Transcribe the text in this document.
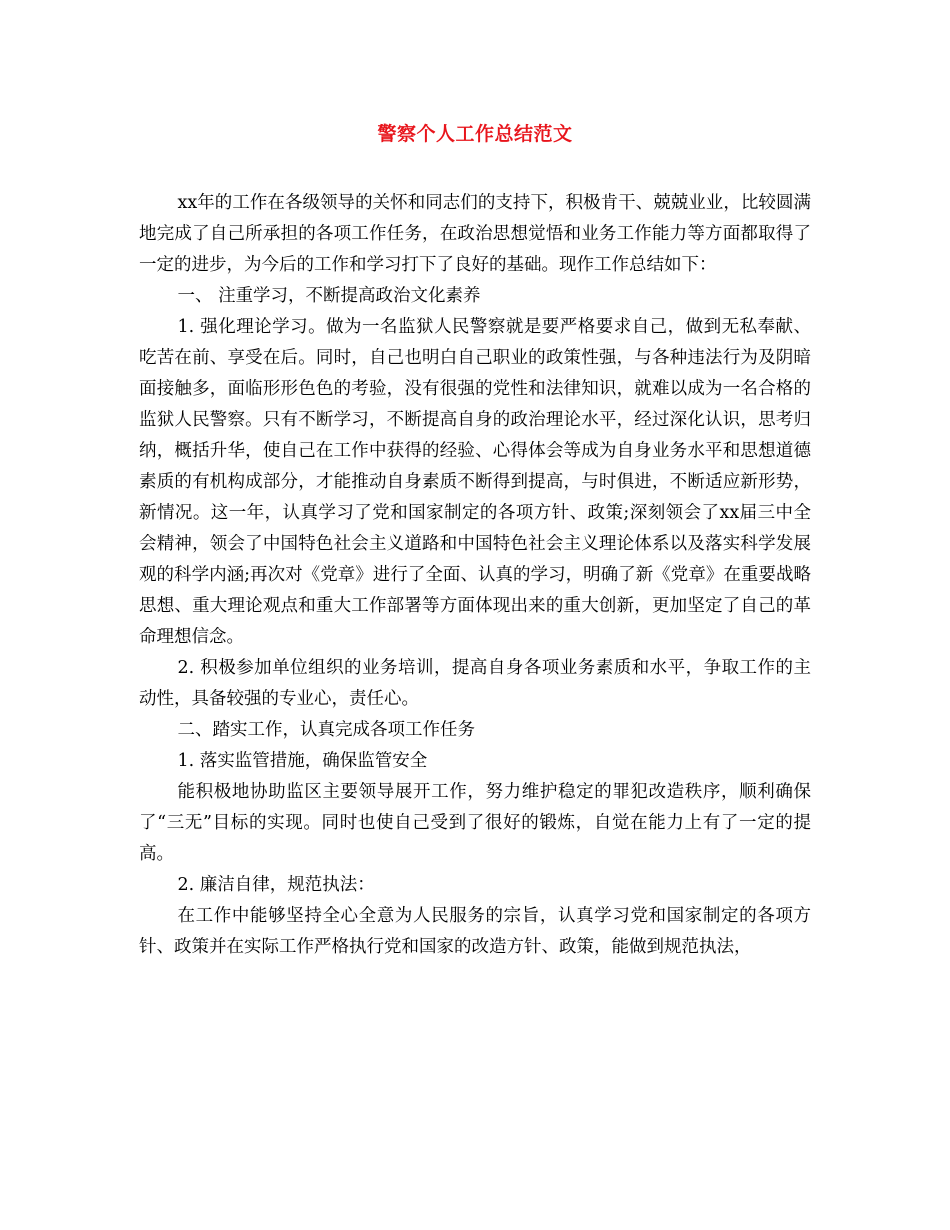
警察个人工作总结范文

xx年的工作在各级领导的关怀和同志们的支持下，积极肯干、兢兢业业，比较圆满地完成了自己所承担的各项工作任务，在政治思想觉悟和业务工作能力等方面都取得了一定的进步，为今后的工作和学习打下了良好的基础。现作工作总结如下：

一、 注重学习，不断提高政治文化素养

1. 强化理论学习。做为一名监狱人民警察就是要严格要求自己，做到无私奉献、吃苦在前、享受在后。同时，自己也明白自己职业的政策性强，与各种违法行为及阴暗面接触多，面临形形色色的考验，没有很强的党性和法律知识，就难以成为一名合格的监狱人民警察。只有不断学习，不断提高自身的政治理论水平，经过深化认识，思考归纳，概括升华，使自己在工作中获得的经验、心得体会等成为自身业务水平和思想道德素质的有机构成部分，才能推动自身素质不断得到提高，与时俱进，不断适应新形势，新情况。这一年，认真学习了党和国家制定的各项方针、政策;深刻领会了xx届三中全会精神，领会了中国特色社会主义道路和中国特色社会主义理论体系以及落实科学发展观的科学内涵;再次对《党章》进行了全面、认真的学习，明确了新《党章》在重要战略思想、重大理论观点和重大工作部署等方面体现出来的重大创新，更加坚定了自己的革命理想信念。

2. 积极参加单位组织的业务培训，提高自身各项业务素质和水平，争取工作的主动性，具备较强的专业心，责任心。

二、踏实工作，认真完成各项工作任务

1. 落实监管措施，确保监管安全

能积极地协助监区主要领导展开工作，努力维护稳定的罪犯改造秩序，顺利确保了“三无”目标的实现。同时也使自己受到了很好的锻炼，自觉在能力上有了一定的提高。

2. 廉洁自律，规范执法：

在工作中能够坚持全心全意为人民服务的宗旨，认真学习党和国家制定的各项方针、政策并在实际工作严格执行党和国家的改造方针、政策，能做到规范执法，
